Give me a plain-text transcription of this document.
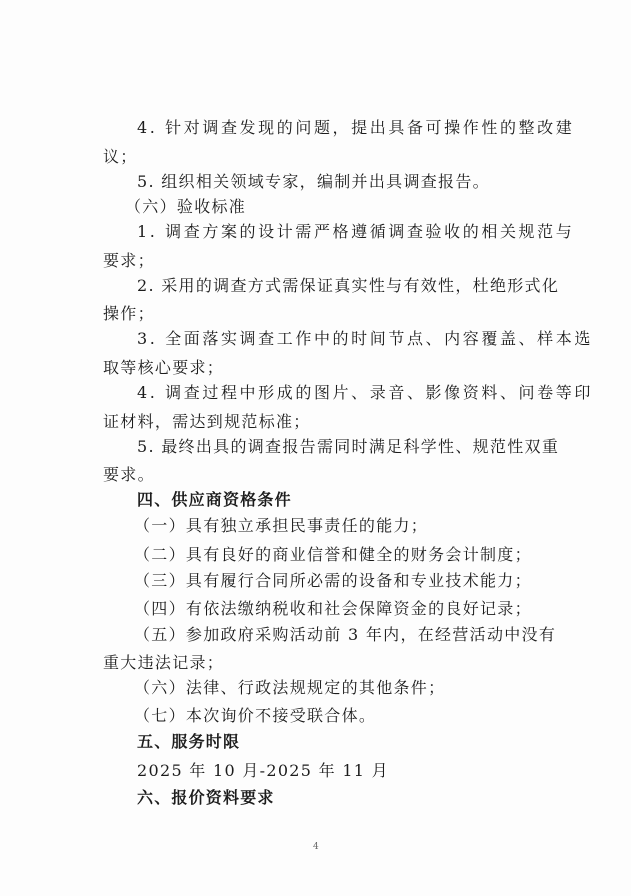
4. 针对调查发现的问题，提出具备可操作性的整改建
议；
5. 组织相关领域专家，编制并出具调查报告。
（六）验收标准
1. 调查方案的设计需严格遵循调查验收的相关规范与
要求；
2. 采用的调查方式需保证真实性与有效性，杜绝形式化
操作；
3. 全面落实调查工作中的时间节点、内容覆盖、样本选
取等核心要求；
4. 调查过程中形成的图片、录音、影像资料、问卷等印
证材料，需达到规范标准；
5. 最终出具的调查报告需同时满足科学性、规范性双重
要求。
四、供应商资格条件
（一）具有独立承担民事责任的能力；
（二）具有良好的商业信誉和健全的财务会计制度；
（三）具有履行合同所必需的设备和专业技术能力；
（四）有依法缴纳税收和社会保障资金的良好记录；
（五）参加政府采购活动前 3 年内，在经营活动中没有
重大违法记录；
（六）法律、行政法规规定的其他条件；
（七）本次询价不接受联合体。
五、服务时限
2025 年 10 月-2025 年 11 月
六、报价资料要求
4
